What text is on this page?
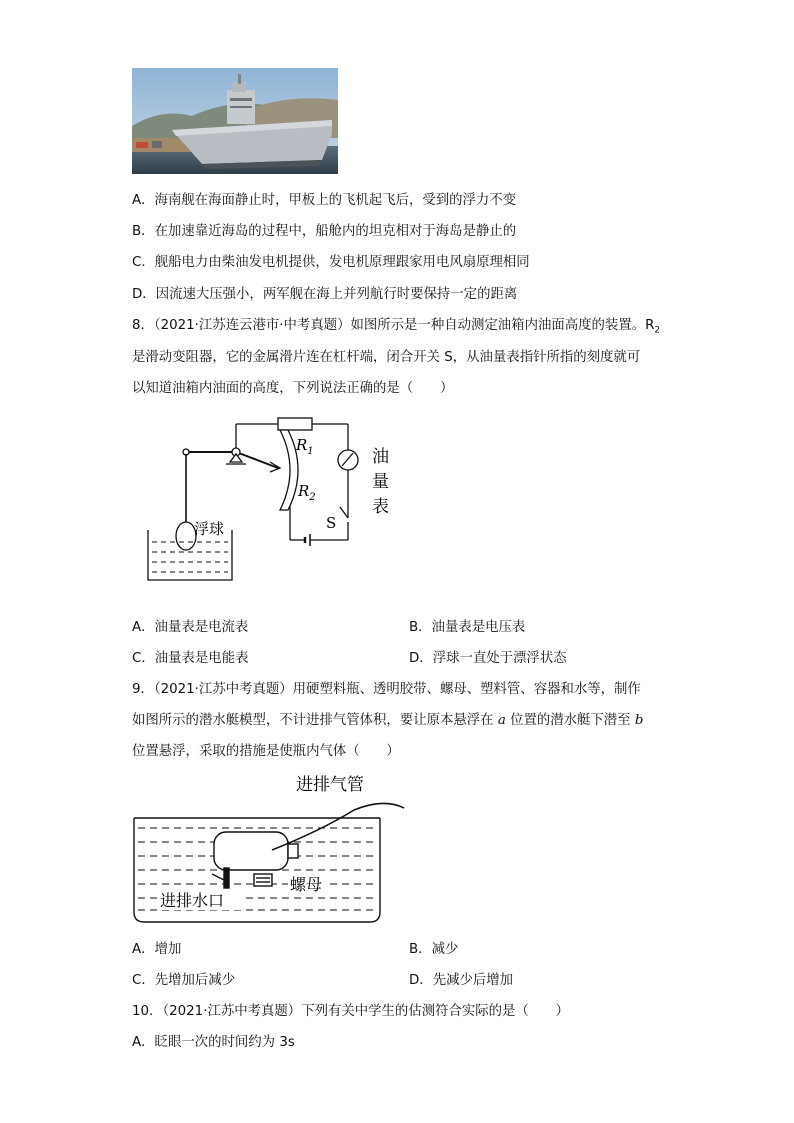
A．海南舰在海面静止时，甲板上的飞机起飞后，受到的浮力不变
B．在加速靠近海岛的过程中，船舱内的坦克相对于海岛是静止的
C．舰船电力由柴油发电机提供，发电机原理跟家用电风扇原理相同
D．因流速大压强小，两军舰在海上并列航行时要保持一定的距离
8．（2021·江苏连云港市·中考真题）如图所示是一种自动测定油箱内油面高度的装置。$R_2$
是滑动变阻器，它的金属滑片连在杠杆端，闭合开关 S，从油量表指针所指的刻度就可
以知道油箱内油面的高度，下列说法正确的是（　　）
$R_1$
$R_2$
油
量
表
S
浮球
A．油量表是电流表	B．油量表是电压表
C．油量表是电能表	D．浮球一直处于漂浮状态
9．（2021·江苏中考真题）用硬塑料瓶、透明胶带、螺母、塑料管、容器和水等，制作
如图所示的潜水艇模型，不计进排气管体积，要让原本悬浮在 a 位置的潜水艇下潜至 b
位置悬浮，采取的措施是使瓶内气体（　　）
进排气管
螺母
进排水口
A．增加	B．减少
C．先增加后减少	D．先减少后增加
10．（2021·江苏中考真题）下列有关中学生的估测符合实际的是（　　）
A．眨眼一次的时间约为 3s
